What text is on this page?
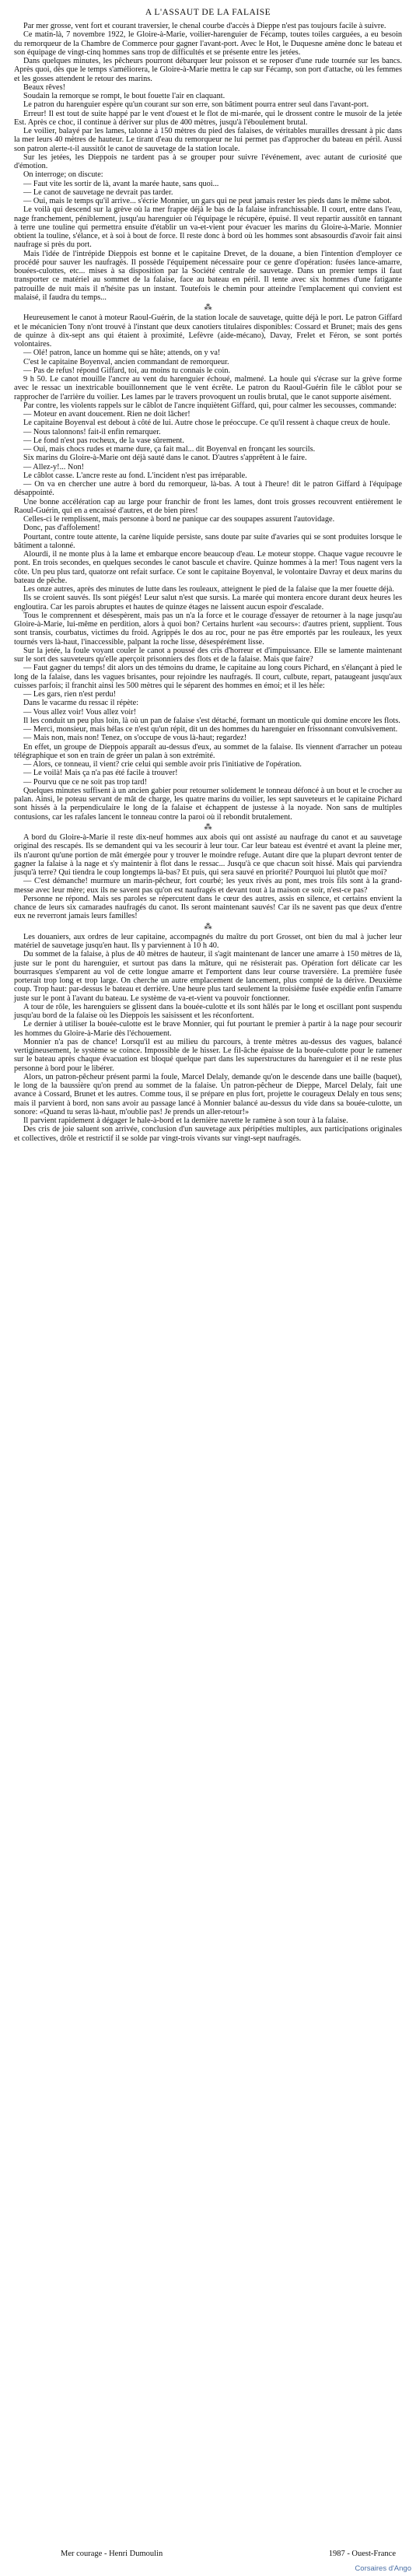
A L'ASSAUT DE LA FALAISE

Par mer grosse, vent fort et courant traversier, le chenal courbe d'accès à Dieppe n'est pas toujours facile à suivre.

Ce matin-là, 7 novembre 1922, le Gloire-à-Marie, voilier-harenguier de Fécamp, toutes toiles carguées, a eu besoin du remorqueur de la Chambre de Commerce pour gagner l'avant-port. Avec le Hot, le Duquesne amène donc le bateau et son équipage de vingt-cinq hommes sans trop de difficultés et se présente entre les jetées.

Dans quelques minutes, les pêcheurs pourront débarquer leur poisson et se reposer d'une rude tournée sur les bancs. Après quoi, dès que le temps s'améliorera, le Gloire-à-Marie mettra le cap sur Fécamp, son port d'attache, où les femmes et les gosses attendent le retour des marins.

Beaux rêves!

Soudain la remorque se rompt, le bout fouette l'air en claquant.

Le patron du harenguier espère qu'un courant sur son erre, son bâtiment pourra entrer seul dans l'avant-port.

Erreur! Il est tout de suite happé par le vent d'ouest et le flot de mi-marée, qui le drossent contre le musoir de la jetée Est. Après ce choc, il continue à dériver sur plus de 400 mètres, jusqu'à l'éboulement brutal.

Le voilier, balayé par les lames, talonne à 150 mètres du pied des falaises, de véritables murailles dressant à pic dans la mer leurs 40 mètres de hauteur. Le tirant d'eau du remorqueur ne lui permet pas d'approcher du bateau en péril. Aussi son patron alerte-t-il aussitôt le canot de sauvetage de la station locale.

Sur les jetées, les Dieppois ne tardent pas à se grouper pour suivre l'événement, avec autant de curiosité que d'émotion.

On interroge; on discute:

— Faut vite les sortir de là, avant la marée haute, sans quoi...

— Le canot de sauvetage ne devrait pas tarder.

— Oui, mais le temps qu'il arrive... s'écrie Monnier, un gars qui ne peut jamais rester les pieds dans le même sabot.

Le voilà qui descend sur la grève où la mer frappe déjà le bas de la falaise infranchissable. Il court, entre dans l'eau, nage franchement, péniblement, jusqu'au harenguier où l'équipage le récupère, épuisé. Il veut repartir aussitôt en tannant à terre une touline qui permettra ensuite d'établir un va-et-vient pour évacuer les marins du Gloire-à-Marie. Monnier obtient la touline, s'élance, et à soi à bout de force. Il reste donc à bord où les hommes sont absasourdis d'avoir fait ainsi naufrage si près du port.

Mais l'idée de l'intrépide Dieppois est bonne et le capitaine Drevet, de la douane, a bien l'intention d'employer ce procédé pour sauver les naufragés. Il possède l'équipement nécessaire pour ce genre d'opération: fusées lance-amarre, bouées-culottes, etc... mises à sa disposition par la Société centrale de sauvetage. Dans un premier temps il faut transporter ce matériel au sommet de la falaise, face au bateau en péril. Il tente avec six hommes d'une fatigante patrouille de nuit mais il n'hésite pas un instant. Toutefois le chemin pour atteindre l'emplacement qui convient est malaisé, il faudra du temps...

⁂

Heureusement le canot à moteur Raoul-Guérin, de la station locale de sauvetage, quitte déjà le port. Le patron Giffard et le mécanicien Tony n'ont trouvé à l'instant que deux canotiers titulaires disponibles: Cossard et Brunet; mais des gens de quinze à dix-sept ans qui étaient à proximité, Lefèvre (aide-mécano), Davay, Frelet et Féron, se sont portés volontaires.

— Olé! patron, lance un homme qui se hâte; attends, on y va!

C'est le capitaine Boyenval, ancien commandant de remorqueur.

— Pas de refus! répond Giffard, toi, au moins tu connais le coin.

9 h 50. Le canot mouille l'ancre au vent du harenguier échoué, malmené. La houle qui s'écrase sur la grève forme avec le ressac un inextricable bouillonnement que le vent écrête. Le patron du Raoul-Guérin file le câblot pour se rapprocher de l'arrière du voilier. Les lames par le travers provoquent un roulis brutal, que le canot supporte aisément.

Par contre, les violents rappels sur le câblot de l'ancre inquiètent Giffard, qui, pour calmer les secousses, commande:

— Moteur en avant doucement. Rien ne doit lâcher!

Le capitaine Boyenval est debout à côté de lui. Autre chose le préoccupe. Ce qu'il ressent à chaque creux de houle.

— Nous talonnons! fait-il enfin remarquer.

— Le fond n'est pas rocheux, de la vase sûrement.

— Oui, mais chocs rudes et marne dure, ça fait mal... dit Boyenval en fronçant les sourcils.

Six marins du Gloire-à-Marie ont déjà sauté dans le canot. D'autres s'apprêtent à le faire.

— Allez-y!... Non!

Le câblot casse. L'ancre reste au fond. L'incident n'est pas irréparable.

— On va en chercher une autre à bord du remorqueur, là-bas. A tout à l'heure! dit le patron Giffard à l'équipage désappointé.

Une bonne accélération cap au large pour franchir de front les lames, dont trois grosses recouvrent entièrement le Raoul-Guérin, qui en a encaissé d'autres, et de bien pires!

Celles-ci le remplissent, mais personne à bord ne panique car des soupapes assurent l'autovidage.

Donc, pas d'affolement!

Pourtant, contre toute attente, la carène liquide persiste, sans doute par suite d'avaries qui se sont produites lorsque le bâtiment a talonné.

Alourdi, il ne monte plus à la lame et embarque encore beaucoup d'eau. Le moteur stoppe. Chaque vague recouvre le pont. En trois secondes, en quelques secondes le canot bascule et chavire. Quinze hommes à la mer! Tous nagent vers la côte. Un peu plus tard, quatorze ont refait surface. Ce sont le capitaine Boyenval, le volontaire Davray et deux marins du bateau de pêche.

Les onze autres, après des minutes de lutte dans les rouleaux, atteignent le pied de la falaise que la mer fouette déjà.

Ils se croient sauvés. Ils sont piégés! Leur salut n'est que sursis. La marée qui montera encore durant deux heures les engloutira. Car les parois abruptes et hautes de quinze étages ne laissent aucun espoir d'escalade.

Tous le comprennent et désespèrent, mais pas un n'a la force et le courage d'essayer de retourner à la nage jusqu'au Gloire-à-Marie, lui-même en perdition, alors à quoi bon? Certains hurlent «au secours»: d'autres prient, supplient. Tous sont transis, courbatus, victimes du froid. Agrippés le dos au roc, pour ne pas être emportés par les rouleaux, les yeux tournés vers là-haut, l'inaccessible, palpant la roche lisse, désespérément lisse.

Sur la jetée, la foule voyant couler le canot a poussé des cris d'horreur et d'impuissance. Elle se lamente maintenant sur le sort des sauveteurs qu'elle aperçoit prisonniers des flots et de la falaise. Mais que faire?

— Faut gagner du temps! dit alors un des témoins du drame, le capitaine au long cours Pichard, en s'élançant à pied le long de la falaise, dans les vagues brisantes, pour rejoindre les naufragés. Il court, culbute, repart, pataugeant jusqu'aux cuisses parfois; il franchit ainsi les 500 mètres qui le séparent des hommes en émoi; et il les hèle:

— Les gars, rien n'est perdu!

Dans le vacarme du ressac il répète:

— Vous allez voir! Vous allez voir!

Il les conduit un peu plus loin, là où un pan de falaise s'est détaché, formant un monticule qui domine encore les flots.

— Merci, monsieur, mais hélas ce n'est qu'un répit, dit un des hommes du harenguier en frissonnant convulsivement.

— Mais non, mais non! Tenez, on s'occupe de vous là-haut; regardez!

En effet, un groupe de Dieppois apparaît au-dessus d'eux, au sommet de la falaise. Ils viennent d'arracher un poteau télégraphique et son en train de gréer un palan à son extrémité.

— Alors, ce tonneau, il vient? crie celui qui semble avoir pris l'initiative de l'opération.

— Le voilà! Mais ça n'a pas été facile à trouver!

— Pourvu que ce ne soit pas trop tard!

Quelques minutes suffisent à un ancien gabier pour retourner solidement le tonneau défoncé à un bout et le crocher au palan. Ainsi, le poteau servant de mât de charge, les quatre marins du voilier, les sept sauveteurs et le capitaine Pichard sont hissés à la perpendiculaire le long de la falaise et échappent de justesse à la noyade. Non sans de multiples contusions, car les rafales lancent le tonneau contre la paroi où il rebondit brutalement.

⁂

A bord du Gloire-à-Marie il reste dix-neuf hommes aux abois qui ont assisté au naufrage du canot et au sauvetage original des rescapés. Ils se demandent qui va les secourir à leur tour. Car leur bateau est éventré et avant la pleine mer, ils n'auront qu'une portion de mât émergée pour y trouver le moindre refuge. Autant dire que la plupart devront tenter de gagner la falaise à la nage et s'y maintenir à flot dans le ressac... Jusqu'à ce que chacun soit hissé. Mais qui parviendra jusqu'à terre? Qui tiendra le coup longtemps là-bas? Et puis, qui sera sauvé en priorité? Pourquoi lui plutôt que moi?

— C'est démanche! murmure un marin-pêcheur, fort courbé; les yeux rivés au pont, mes trois fils sont à la grand-messe avec leur mère; eux ils ne savent pas qu'on est naufragés et devant tout à la maison ce soir, n'est-ce pas?

Personne ne répond. Mais ses paroles se répercutent dans le cœur des autres, assis en silence, et certains envient la chance de leurs six camarades naufragés du canot. Ils seront maintenant sauvés! Car ils ne savent pas que deux d'entre eux ne reverront jamais leurs familles!

⁂

Les douaniers, aux ordres de leur capitaine, accompagnés du maître du port Grosset, ont bien du mal à jucher leur matériel de sauvetage jusqu'en haut. Ils y parviennent à 10 h 40.

Du sommet de la falaise, à plus de 40 mètres de hauteur, il s'agit maintenant de lancer une amarre à 150 mètres de là, juste sur le pont du harenguier, et surtout pas dans la mâture, qui ne résisterait pas. Opération fort délicate car les bourrasques s'emparent au vol de cette longue amarre et l'emportent dans leur course traversière. La première fusée porterait trop long et trop large. On cherche un autre emplacement de lancement, plus compté de la dérive. Deuxième coup. Trop haut: par-dessus le bateau et derrière. Une heure plus tard seulement la troisième fusée expédie enfin l'amarre juste sur le pont à l'avant du bateau. Le système de va-et-vient va pouvoir fonctionner.

A tour de rôle, les harenguiers se glissent dans la bouée-culotte et ils sont hâlés par le long et oscillant pont suspendu jusqu'au bord de la falaise où les Dieppois les saisissent et les réconfortent.

Le dernier à utiliser la bouée-culotte est le brave Monnier, qui fut pourtant le premier à partir à la nage pour secourir les hommes du Gloire-à-Marie dès l'échouement.

Monnier n'a pas de chance! Lorsqu'il est au milieu du parcours, à trente mètres au-dessus des vagues, balancé vertigineusement, le système se coince. Impossible de le hisser. Le fil-âche épaisse de la bouée-culotte pour le ramener sur le bateau après chaque évacuation est bloqué quelque part dans les superstructures du harenguier et il ne reste plus personne à bord pour le libérer.

Alors, un patron-pêcheur présent parmi la foule, Marcel Delaly, demande qu'on le descende dans une baille (baquet), le long de la baussière qu'on prend au sommet de la falaise. Un patron-pêcheur de Dieppe, Marcel Delaly, fait une avance à Cossard, Brunet et les autres. Comme tous, il se prépare en plus fort, projette le courageux Delaly en tous sens; mais il parvient à bord, non sans avoir au passage lancé à Monnier balancé au-dessus du vide dans sa bouée-culotte, un sonore: «Quand tu seras là-haut, m'oublie pas! Je prends un aller-retour!»

Il parvient rapidement à dégager le hale-à-bord et la dernière navette le ramène à son tour à la falaise.

Des cris de joie saluent son arrivée, conclusion d'un sauvetage aux péripéties multiples, aux participations originales et collectives, drôle et restrictif il se solde par vingt-trois vivants sur vingt-sept naufragés.

Mer courage - Henri Dumoulin	1987 - Ouest-France
Corsaires d'Ango
